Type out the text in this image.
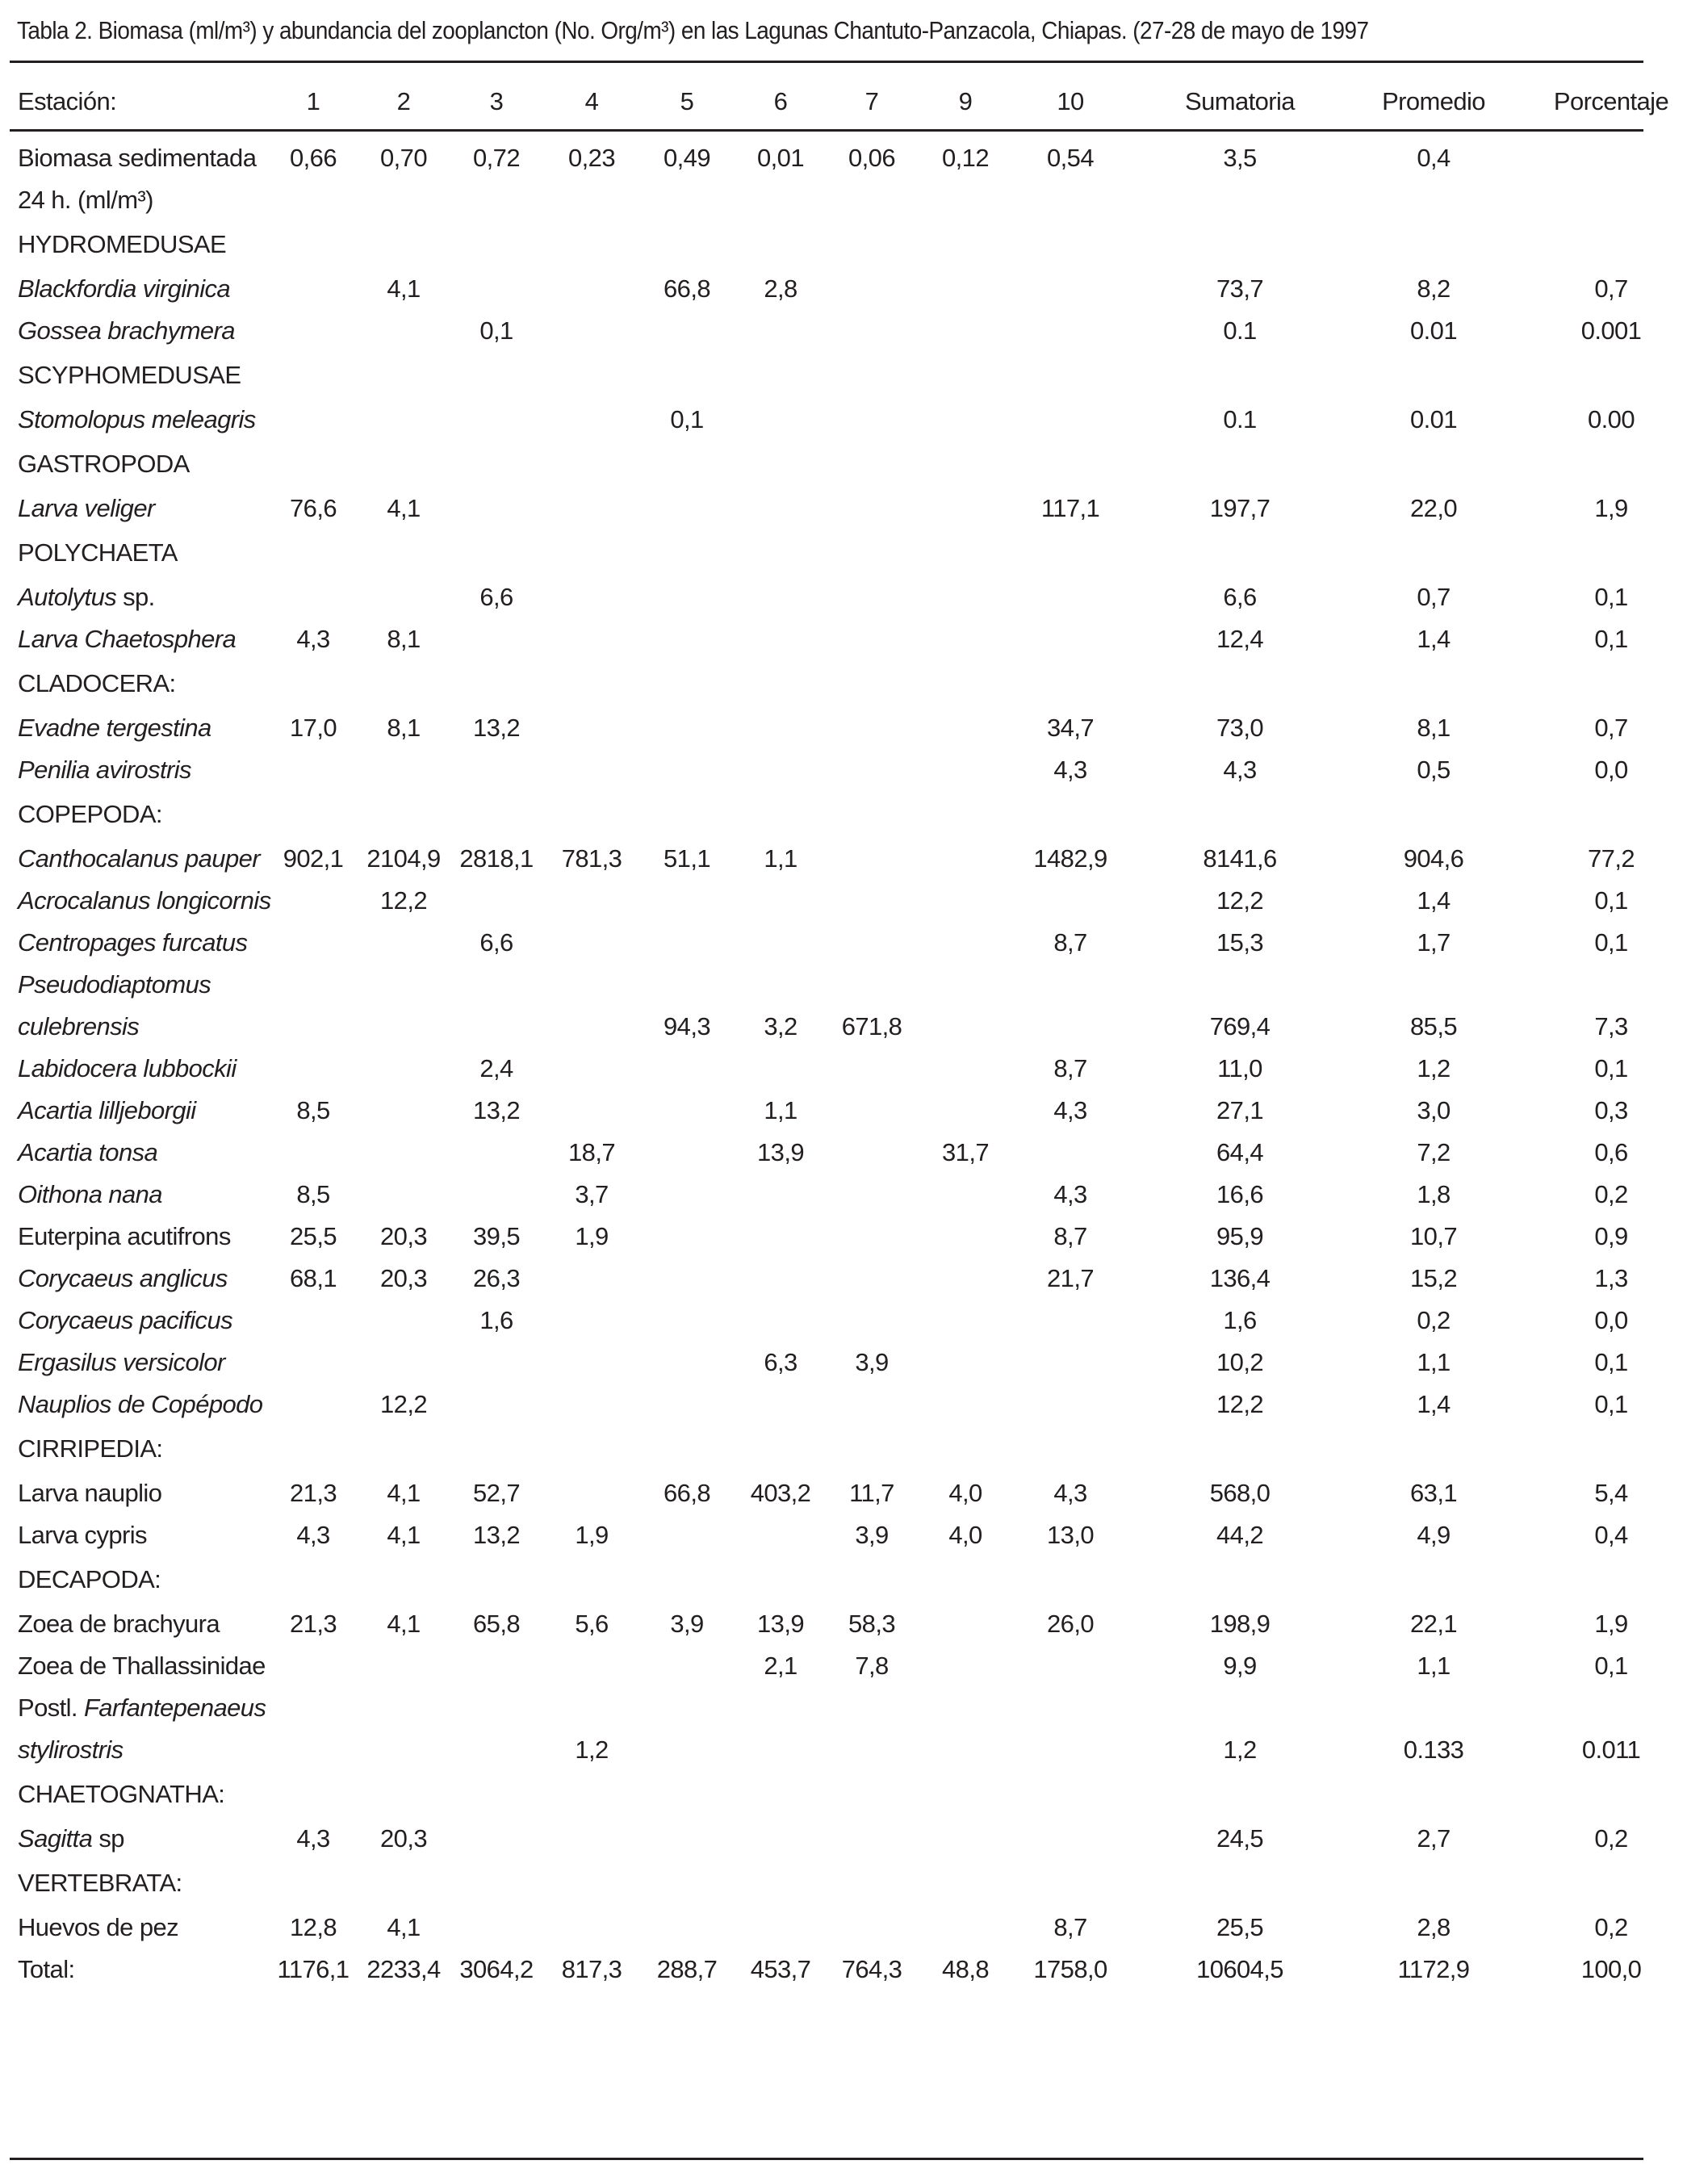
Tabla 2. Biomasa (ml/m³) y abundancia del zooplancton (No. Org/m³) en las Lagunas Chantuto-Panzacola, Chiapas. (27-28 de mayo de 1997
Estación:	1	2	3	4	5	6	7	9	10	Sumatoria	Promedio	Porcentaje
Biomasa sedimentada	0,66	0,70	0,72	0,23	0,49	0,01	0,06	0,12	0,54	3,5	0,4	
24 h. (ml/m³)												
HYDROMEDUSAE												
Blackfordia virginica		4,1			66,8	2,8				73,7	8,2	0,7
Gossea brachymera			0,1							0.1	0.01	0.001
SCYPHOMEDUSAE												
Stomolopus meleagris					0,1					0.1	0.01	0.00
GASTROPODA												
Larva veliger	76,6	4,1							117,1	197,7	22,0	1,9
POLYCHAETA												
Autolytus sp.			6,6							6,6	0,7	0,1
Larva Chaetosphera	4,3	8,1								12,4	1,4	0,1
CLADOCERA:												
Evadne tergestina	17,0	8,1	13,2						34,7	73,0	8,1	0,7
Penilia avirostris									4,3	4,3	0,5	0,0
COPEPODA:												
Canthocalanus pauper	902,1	2104,9	2818,1	781,3	51,1	1,1			1482,9	8141,6	904,6	77,2
Acrocalanus longicornis		12,2								12,2	1,4	0,1
Centropages furcatus			6,6						8,7	15,3	1,7	0,1
Pseudodiaptomus												
culebrensis					94,3	3,2	671,8			769,4	85,5	7,3
Labidocera lubbockii			2,4						8,7	11,0	1,2	0,1
Acartia lilljeborgii	8,5		13,2			1,1			4,3	27,1	3,0	0,3
Acartia tonsa				18,7		13,9		31,7		64,4	7,2	0,6
Oithona nana	8,5			3,7					4,3	16,6	1,8	0,2
Euterpina acutifrons	25,5	20,3	39,5	1,9					8,7	95,9	10,7	0,9
Corycaeus anglicus	68,1	20,3	26,3						21,7	136,4	15,2	1,3
Corycaeus pacificus			1,6							1,6	0,2	0,0
Ergasilus versicolor						6,3	3,9			10,2	1,1	0,1
Nauplios de Copépodo		12,2								12,2	1,4	0,1
CIRRIPEDIA:												
Larva nauplio	21,3	4,1	52,7		66,8	403,2	11,7	4,0	4,3	568,0	63,1	5,4
Larva cypris	4,3	4,1	13,2	1,9			3,9	4,0	13,0	44,2	4,9	0,4
DECAPODA:												
Zoea de brachyura	21,3	4,1	65,8	5,6	3,9	13,9	58,3		26,0	198,9	22,1	1,9
Zoea de Thallassinidae						2,1	7,8			9,9	1,1	0,1
Postl. Farfantepenaeus												
stylirostris				1,2						1,2	0.133	0.011
CHAETOGNATHA:												
Sagitta sp	4,3	20,3								24,5	2,7	0,2
VERTEBRATA:												
Huevos de pez	12,8	4,1							8,7	25,5	2,8	0,2
Total:	1176,1	2233,4	3064,2	817,3	288,7	453,7	764,3	48,8	1758,0	10604,5	1172,9	100,0
